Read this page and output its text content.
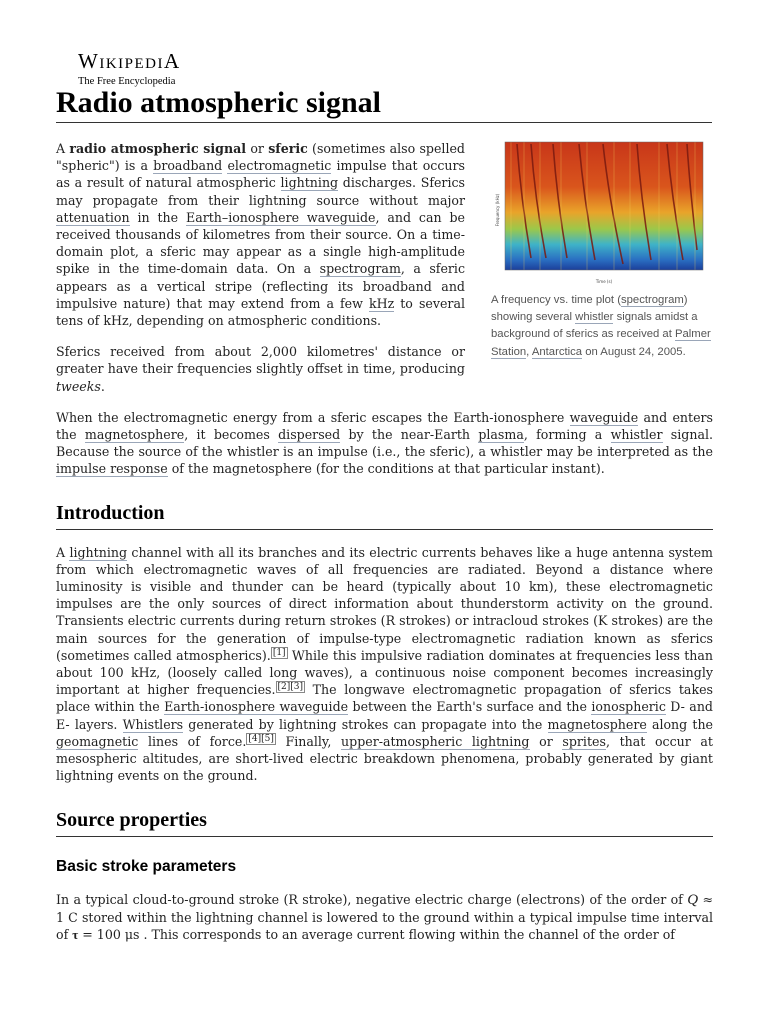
WIKIPEDIA
The Free Encyclopedia
Radio atmospheric signal
Frequency (kHz)
Time (s)
A frequency vs. time plot (spectrogram) showing several whistler signals amidst a background of sferics as received at Palmer Station, Antarctica on August 24, 2005.

A radio atmospheric signal or sferic (sometimes also spelled "spheric") is a broadband electromagnetic impulse that occurs as a result of natural atmospheric lightning discharges. Sferics may propagate from their lightning source without major attenuation in the Earth–ionosphere waveguide, and can be received thousands of kilometres from their source. On a time-domain plot, a sferic may appear as a single high-amplitude spike in the time-domain data. On a spectrogram, a sferic appears as a vertical stripe (reflecting its broadband and impulsive nature) that may extend from a few kHz to several tens of kHz, depending on atmospheric conditions.

Sferics received from about 2,000 kilometres' distance or greater have their frequencies slightly offset in time, producing tweeks.

When the electromagnetic energy from a sferic escapes the Earth-ionosphere waveguide and enters the magnetosphere, it becomes dispersed by the near-Earth plasma, forming a whistler signal. Because the source of the whistler is an impulse (i.e., the sferic), a whistler may be interpreted as the impulse response of the magnetosphere (for the conditions at that particular instant).

Introduction

A lightning channel with all its branches and its electric currents behaves like a huge antenna system from which electromagnetic waves of all frequencies are radiated. Beyond a distance where luminosity is visible and thunder can be heard (typically about 10 km), these electromagnetic impulses are the only sources of direct information about thunderstorm activity on the ground. Transients electric currents during return strokes (R strokes) or intracloud strokes (K strokes) are the main sources for the generation of impulse-type electromagnetic radiation known as sferics (sometimes called atmospherics). [1] While this impulsive radiation dominates at frequencies less than about 100 kHz, (loosely called long waves), a continuous noise component becomes increasingly important at higher frequencies. [2][3] The longwave electromagnetic propagation of sferics takes place within the Earth-ionosphere waveguide between the Earth's surface and the ionospheric D- and E- layers. Whistlers generated by lightning strokes can propagate into the magnetosphere along the geomagnetic lines of force. [4][5] Finally, upper-atmospheric lightning or sprites, that occur at mesospheric altitudes, are short-lived electric breakdown phenomena, probably generated by giant lightning events on the ground.

Source properties
Basic stroke parameters

In a typical cloud-to-ground stroke (R stroke), negative electric charge (electrons) of the order of Q ≈ 1 C stored within the lightning channel is lowered to the ground within a typical impulse time interval of τ = 100 μs . This corresponds to an average current flowing within the channel of the order of
